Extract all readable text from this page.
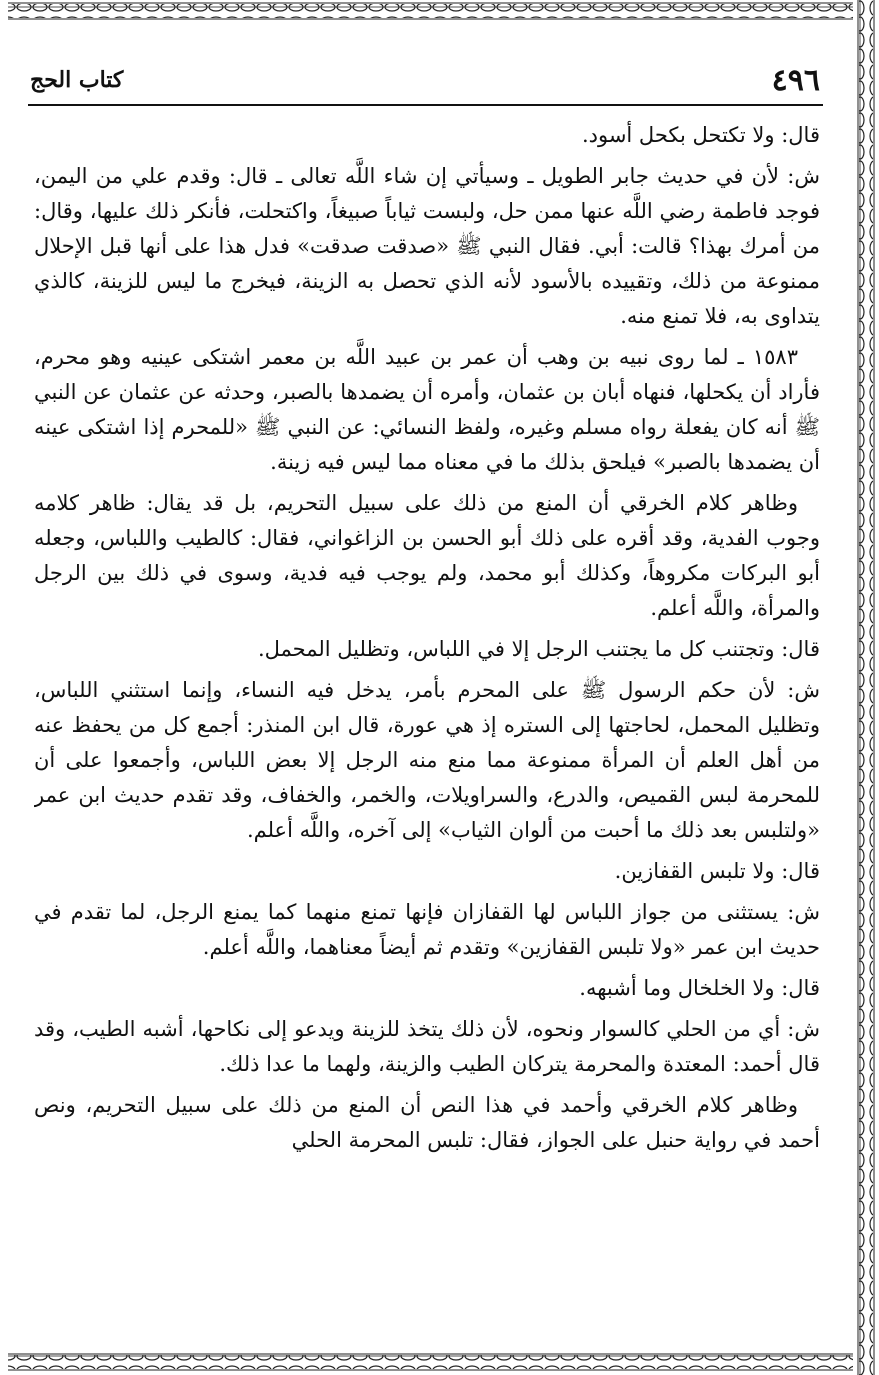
٤٩٦
كتاب الحج

قال: ولا تكتحل بكحل أسود.

ش: لأن في حديث جابر الطويل ـ وسيأتي إن شاء اللَّه تعالى ـ قال: وقدم علي من اليمن، فوجد فاطمة رضي اللَّه عنها ممن حل، ولبست ثياباً صبيغاً، واكتحلت، فأنكر ذلك عليها، وقال: من أمرك بهذا؟ قالت: أبي. فقال النبي ﷺ «صدقت صدقت» فدل هذا على أنها قبل الإحلال ممنوعة من ذلك، وتقييده بالأسود لأنه الذي تحصل به الزينة، فيخرج ما ليس للزينة، كالذي يتداوى به، فلا تمنع منه.

١٥٨٣ ـ لما روى نبيه بن وهب أن عمر بن عبيد اللَّه بن معمر اشتكى عينيه وهو محرم، فأراد أن يكحلها، فنهاه أبان بن عثمان، وأمره أن يضمدها بالصبر، وحدثه عن عثمان عن النبي ﷺ أنه كان يفعلة رواه مسلم وغيره، ولفظ النسائي: عن النبي ﷺ «للمحرم إذا اشتكى عينه أن يضمدها بالصبر» فيلحق بذلك ما في معناه مما ليس فيه زينة.

وظاهر كلام الخرقي أن المنع من ذلك على سبيل التحريم، بل قد يقال: ظاهر كلامه وجوب الفدية، وقد أقره على ذلك أبو الحسن بن الزاغواني، فقال: كالطيب واللباس، وجعله أبو البركات مكروهاً، وكذلك أبو محمد، ولم يوجب فيه فدية، وسوى في ذلك بين الرجل والمرأة، واللَّه أعلم.

قال: وتجتنب كل ما يجتنب الرجل إلا في اللباس، وتظليل المحمل.

ش: لأن حكم الرسول ﷺ على المحرم بأمر، يدخل فيه النساء، وإنما استثني اللباس، وتظليل المحمل، لحاجتها إلى الستره إذ هي عورة، قال ابن المنذر: أجمع كل من يحفظ عنه من أهل العلم أن المرأة ممنوعة مما منع منه الرجل إلا بعض اللباس، وأجمعوا على أن للمحرمة لبس القميص، والدرع، والسراويلات، والخمر، والخفاف، وقد تقدم حديث ابن عمر «ولتلبس بعد ذلك ما أحبت من ألوان الثياب» إلى آخره، واللَّه أعلم.

قال: ولا تلبس القفازين.

ش: يستثنى من جواز اللباس لها القفازان فإنها تمنع منهما كما يمنع الرجل، لما تقدم في حديث ابن عمر «ولا تلبس القفازين» وتقدم ثم أيضاً معناهما، واللَّه أعلم.

قال: ولا الخلخال وما أشبهه.

ش: أي من الحلي كالسوار ونحوه، لأن ذلك يتخذ للزينة ويدعو إلى نكاحها، أشبه الطيب، وقد قال أحمد: المعتدة والمحرمة يتركان الطيب والزينة، ولهما ما عدا ذلك.

وظاهر كلام الخرقي وأحمد في هذا النص أن المنع من ذلك على سبيل التحريم، ونص أحمد في رواية حنبل على الجواز، فقال: تلبس المحرمة الحلي
